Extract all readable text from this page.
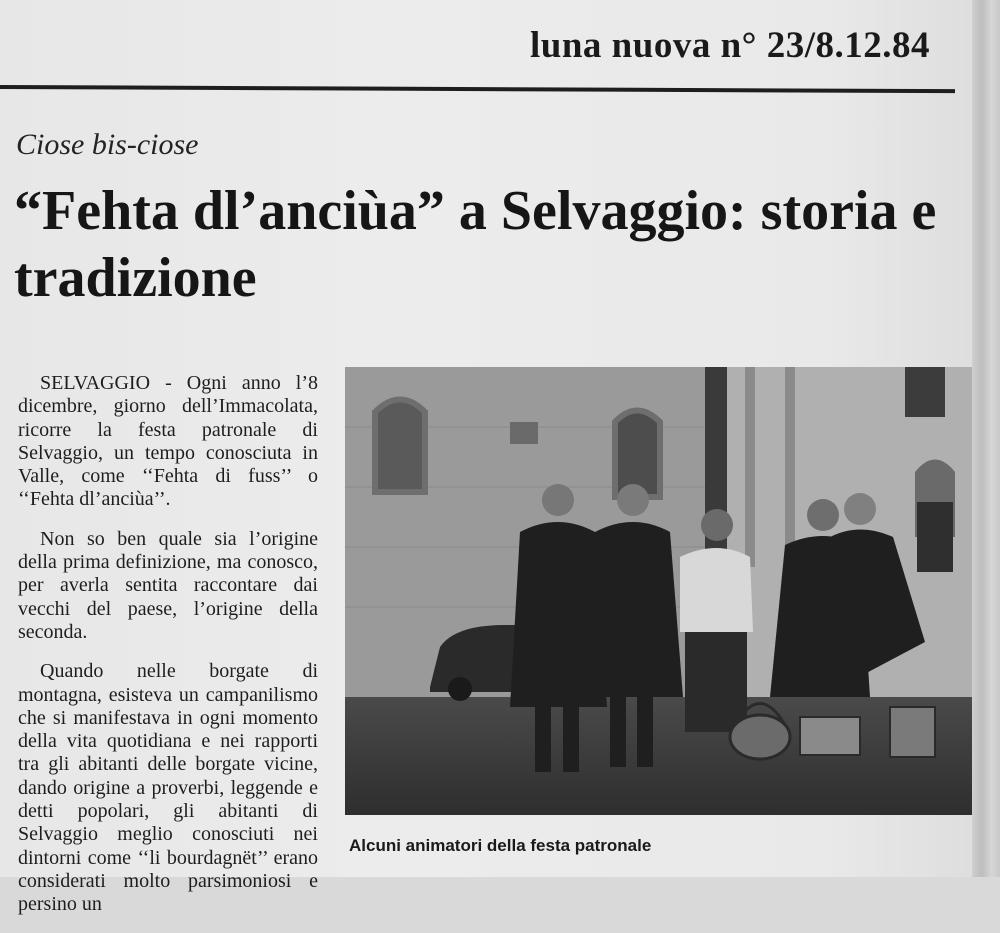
luna nuova n° 23/8.12.84
Ciose bis-ciose
“Fehta dl’anciùa” a Selvaggio: storia e tradizione

SELVAGGIO - Ogni anno l’8 dicembre, giorno dell’Immacolata, ricorre la festa patronale di Selvaggio, un tempo conosciuta in Valle, come ‘‘Fehta di fuss’’ o ‘‘Fehta dl’anciùa’’.

Non so ben quale sia l’origine della prima definizione, ma conosco, per averla sentita raccontare dai vecchi del paese, l’origine della seconda.

Quando nelle borgate di montagna, esisteva un campanilismo che si manifestava in ogni momento della vita quotidiana e nei rapporti tra gli abitanti delle borgate vicine, dando origine a proverbi, leggende e detti popolari, gli abitanti di Selvaggio meglio conosciuti nei dintorni come ‘‘li bourdagnët’’ erano considerati molto parsimoniosi e persino un

Alcuni animatori della festa patronale
